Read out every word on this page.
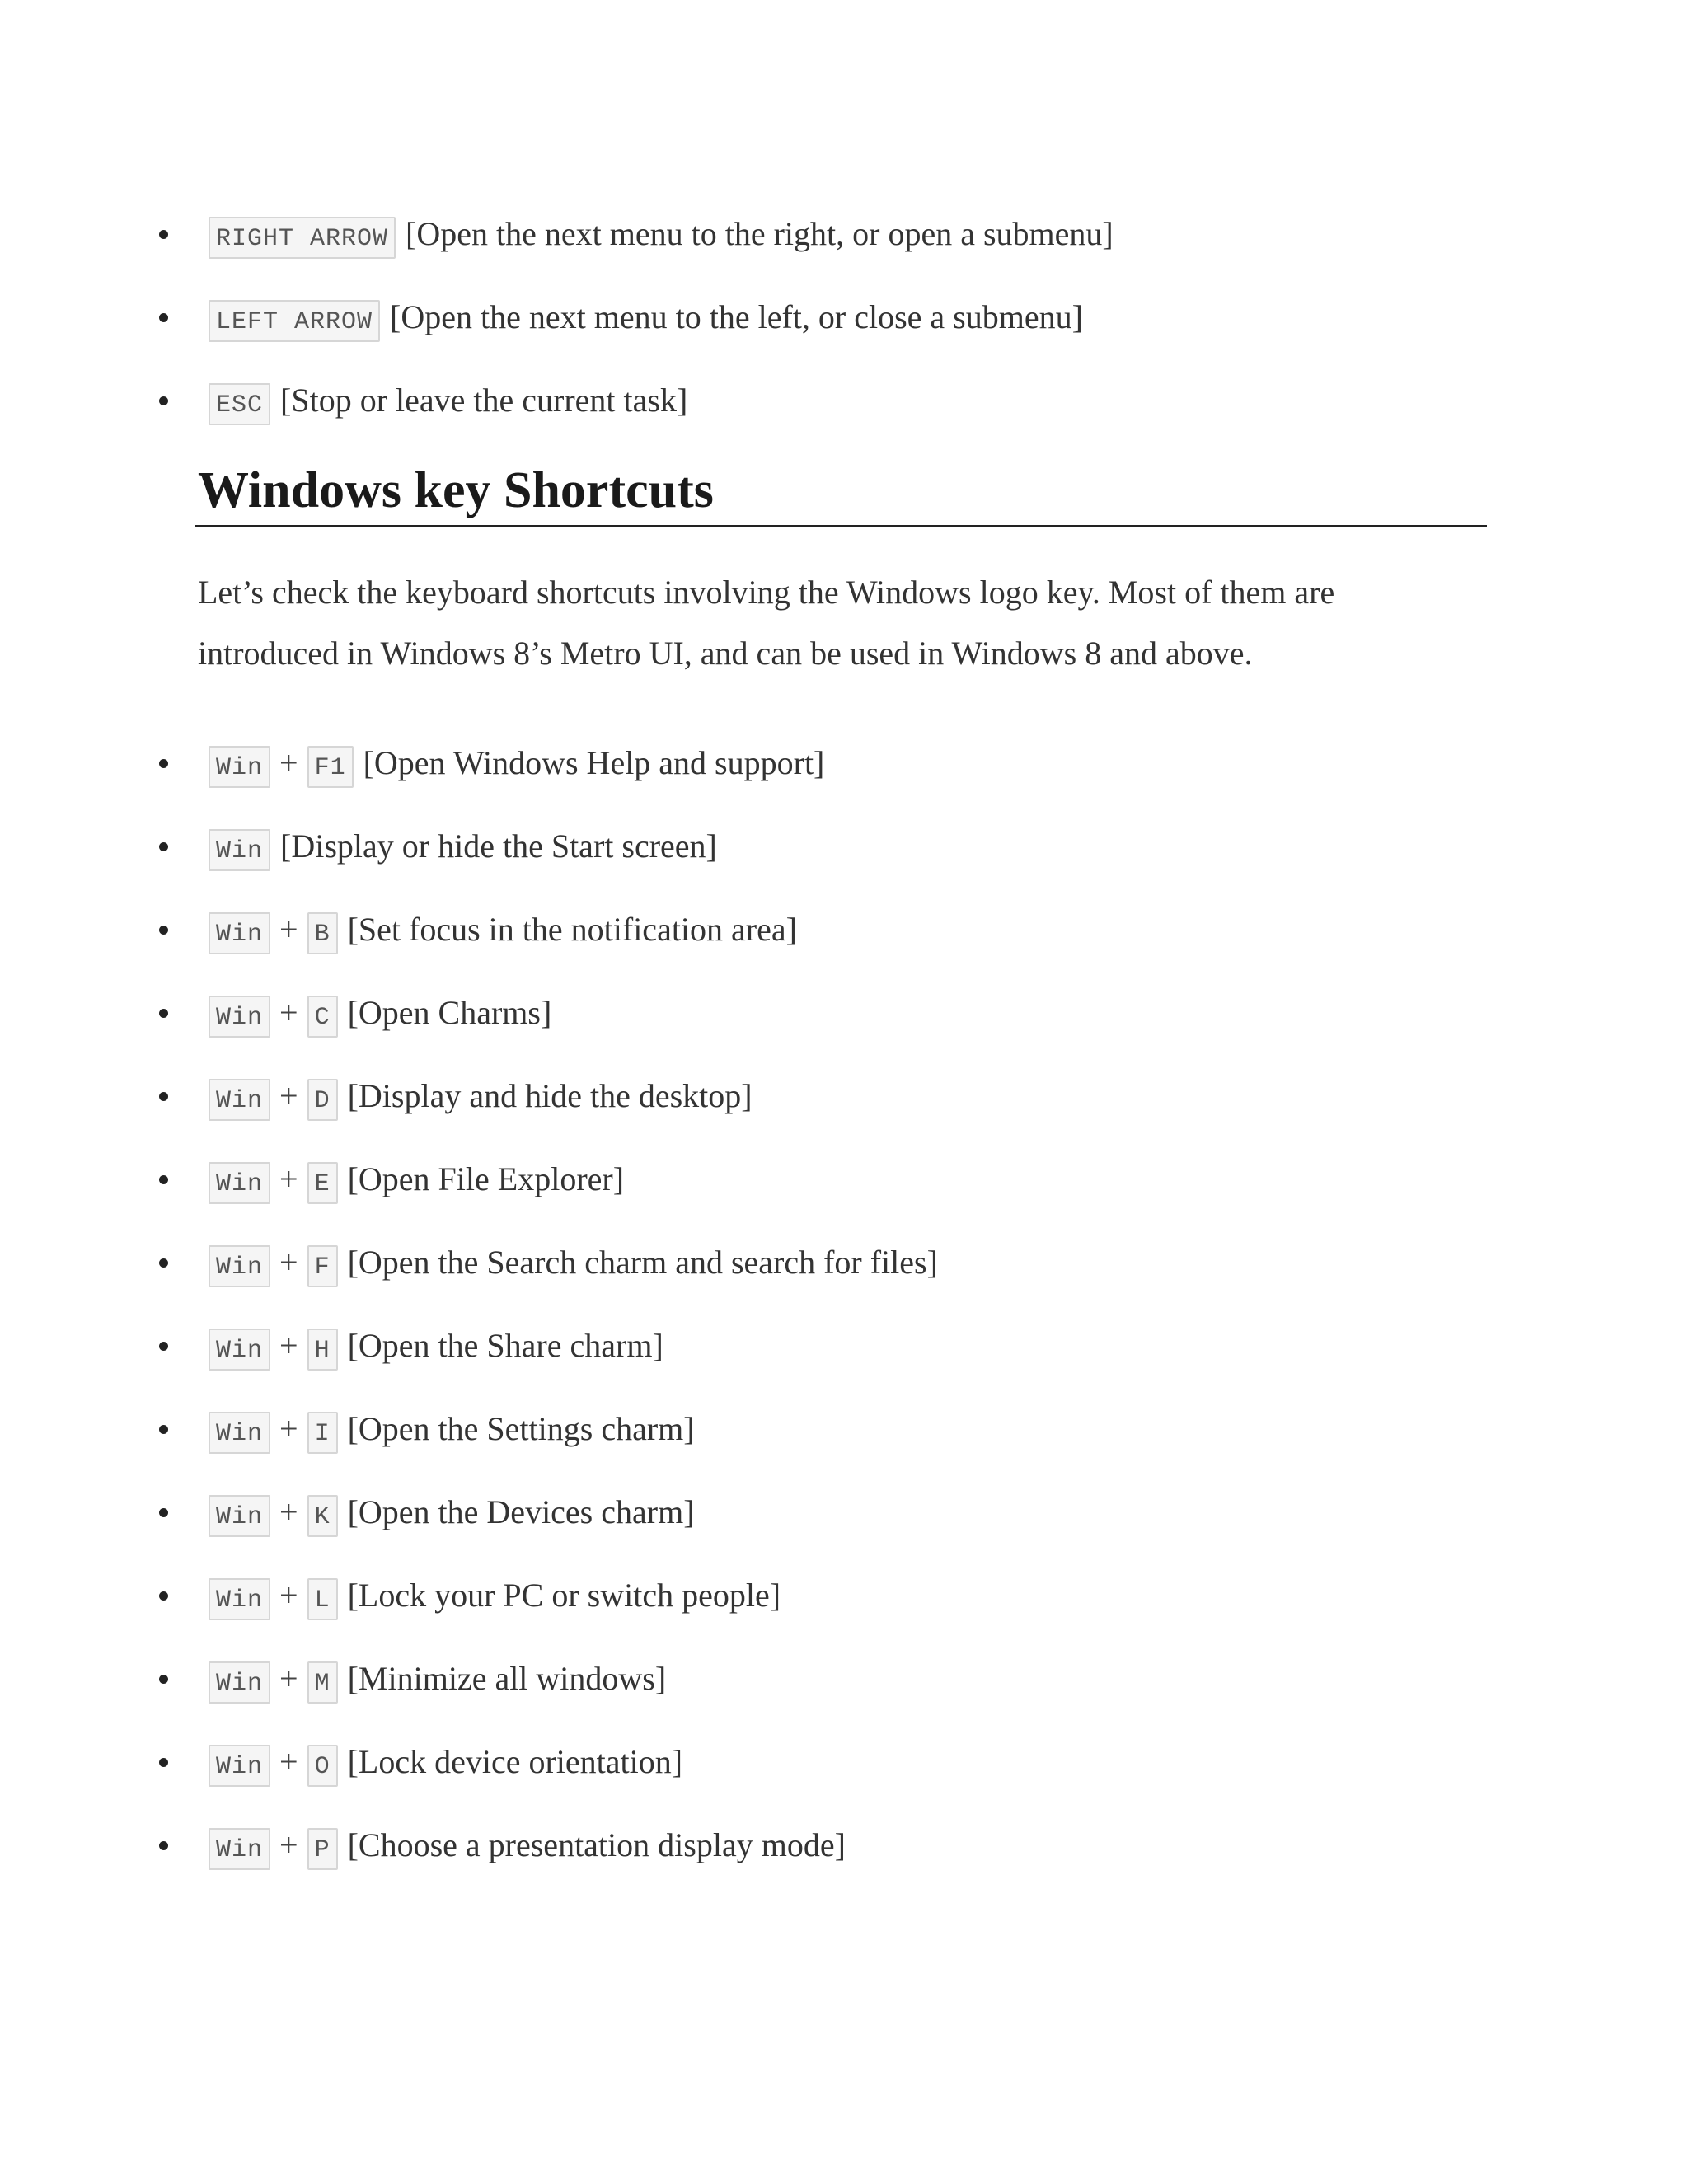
RIGHT ARROW [Open the next menu to the right, or open a submenu]
LEFT ARROW [Open the next menu to the left, or close a submenu]
ESC [Stop or leave the current task]
Windows key Shortcuts

Let’s check the keyboard shortcuts involving the Windows logo key. Most of them are introduced in Windows 8’s Metro UI, and can be used in Windows 8 and above.

Win + F1 [Open Windows Help and support]
Win [Display or hide the Start screen]
Win + B [Set focus in the notification area]
Win + C [Open Charms]
Win + D [Display and hide the desktop]
Win + E [Open File Explorer]
Win + F [Open the Search charm and search for files]
Win + H [Open the Share charm]
Win + I [Open the Settings charm]
Win + K [Open the Devices charm]
Win + L [Lock your PC or switch people]
Win + M [Minimize all windows]
Win + O [Lock device orientation]
Win + P [Choose a presentation display mode]
